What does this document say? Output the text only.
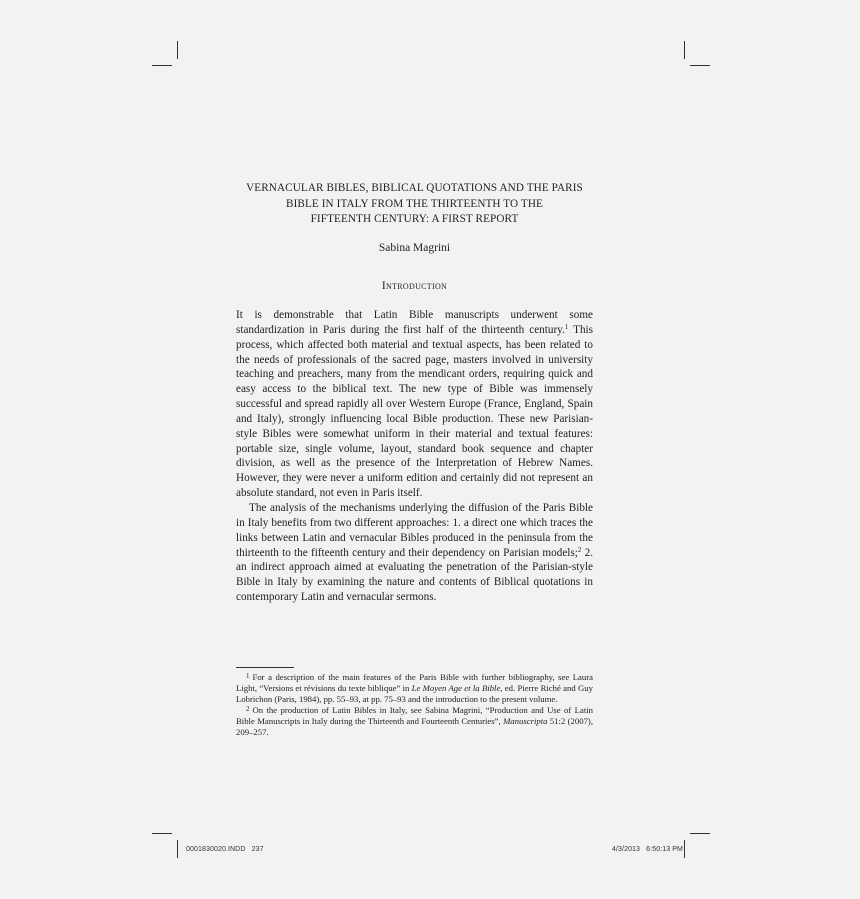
VERNACULAR BIBLES, BIBLICAL QUOTATIONS AND THE PARIS
BIBLE IN ITALY FROM THE THIRTEENTH TO THE
FIFTEENTH CENTURY: A FIRST REPORT
Sabina Magrini
Introduction

It is demonstrable that Latin Bible manuscripts underwent some standardization in Paris during the first half of the thirteenth century.$^1$ This process, which affected both material and textual aspects, has been related to the needs of professionals of the sacred page, masters involved in university teaching and preachers, many from the mendicant orders, requiring quick and easy access to the biblical text. The new type of Bible was immensely successful and spread rapidly all over Western Europe (France, England, Spain and Italy), strongly influencing local Bible production. These new Parisian-style Bibles were somewhat uniform in their material and textual features: portable size, single volume, layout, standard book sequence and chapter division, as well as the presence of the Interpretation of Hebrew Names. However, they were never a uniform edition and certainly did not represent an absolute standard, not even in Paris itself.

The analysis of the mechanisms underlying the diffusion of the Paris Bible in Italy benefits from two different approaches: 1. a direct one which traces the links between Latin and vernacular Bibles produced in the peninsula from the thirteenth to the fifteenth century and their dependency on Parisian models;$^2$ 2. an indirect approach aimed at evaluating the penetration of the Parisian-style Bible in Italy by examining the nature and contents of Biblical quotations in contemporary Latin and vernacular sermons.

$^1$ For a description of the main features of the Paris Bible with further bibliography, see Laura Light, “Versions et révisions du texte biblique” in Le Moyen Age et la Bible, ed. Pierre Riché and Guy Lobrichon (Paris, 1984), pp. 55–93, at pp. 75–93 and the introduction to the present volume.

$^2$ On the production of Latin Bibles in Italy, see Sabina Magrini, “Production and Use of Latin Bible Manuscripts in Italy during the Thirteenth and Fourteenth Centuries”, Manuscripta 51:2 (2007), 209–257.

0001830020.INDD   237	4/3/2013   6:50:13 PM
